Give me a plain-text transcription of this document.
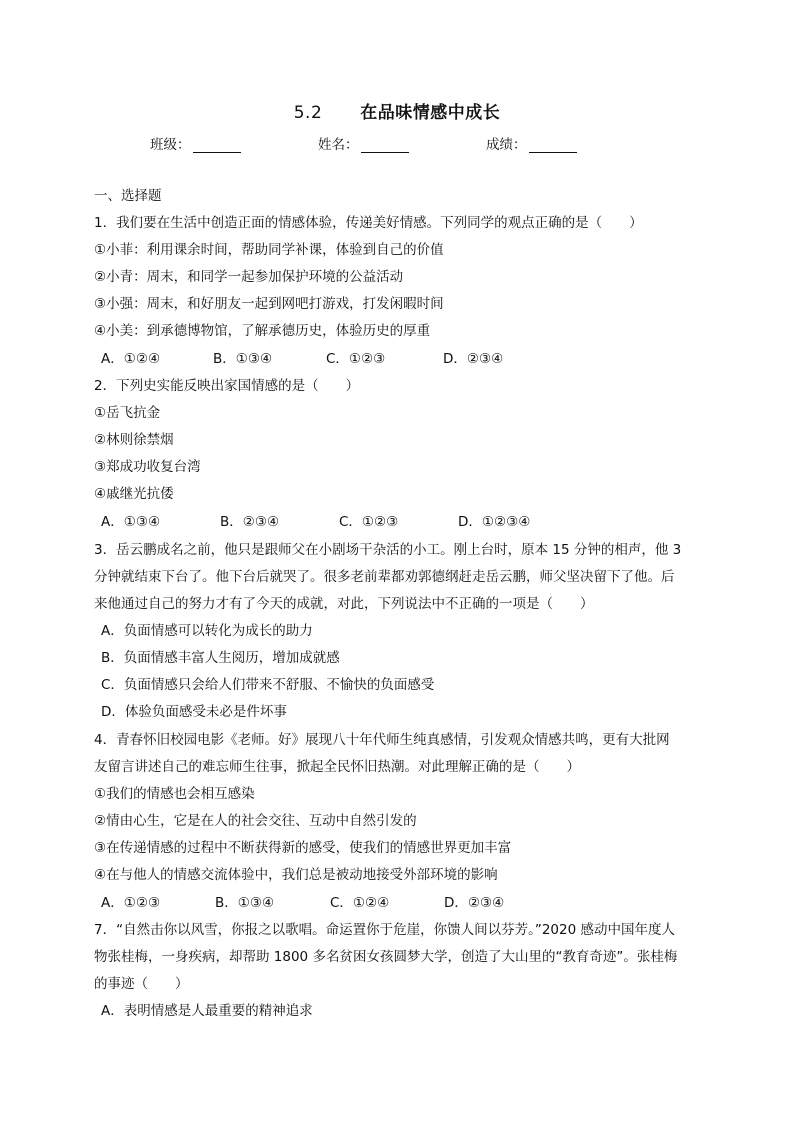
5.2 在品味情感中成长
班级：	姓名：	成绩：
一、选择题
1．我们要在生活中创造正面的情感体验，传递美好情感。下列同学的观点正确的是（　　）
①小菲：利用课余时间，帮助同学补课，体验到自己的价值
②小青：周末，和同学一起参加保护环境的公益活动
③小强：周末，和好朋友一起到网吧打游戏，打发闲暇时间
④小美：到承德博物馆，了解承德历史，体验历史的厚重
A．①②④	B．①③④	C．①②③	D．②③④
2．下列史实能反映出家国情感的是（　　）
①岳飞抗金
②林则徐禁烟
③郑成功收复台湾
④戚继光抗倭
A．①③④	B．②③④	C．①②③	D．①②③④
3．岳云鹏成名之前，他只是跟师父在小剧场干杂活的小工。刚上台时，原本 15 分钟的相声，他 3
分钟就结束下台了。他下台后就哭了。很多老前辈都劝郭德纲赶走岳云鹏，师父坚决留下了他。后
来他通过自己的努力才有了今天的成就，对此，下列说法中不正确的一项是（　　）
A．负面情感可以转化为成长的助力
B．负面情感丰富人生阅历，增加成就感
C．负面情感只会给人们带来不舒服、不愉快的负面感受
D．体验负面感受未必是件坏事
4．青春怀旧校园电影《老师。好》展现八十年代师生纯真感情，引发观众情感共鸣，更有大批网
友留言讲述自己的难忘师生往事，掀起全民怀旧热潮。对此理解正确的是（　　）
①我们的情感也会相互感染
②情由心生，它是在人的社会交往、互动中自然引发的
③在传递情感的过程中不断获得新的感受，使我们的情感世界更加丰富
④在与他人的情感交流体验中，我们总是被动地接受外部环境的影响
A．①②③	B．①③④	C．①②④	D．②③④
7．“自然击你以风雪，你报之以歌唱。命运置你于危崖，你馈人间以芬芳。”2020 感动中国年度人
物张桂梅，一身疾病，却帮助 1800 多名贫困女孩圆梦大学，创造了大山里的“教育奇迹”。张桂梅
的事迹（　　）
A．表明情感是人最重要的精神追求
